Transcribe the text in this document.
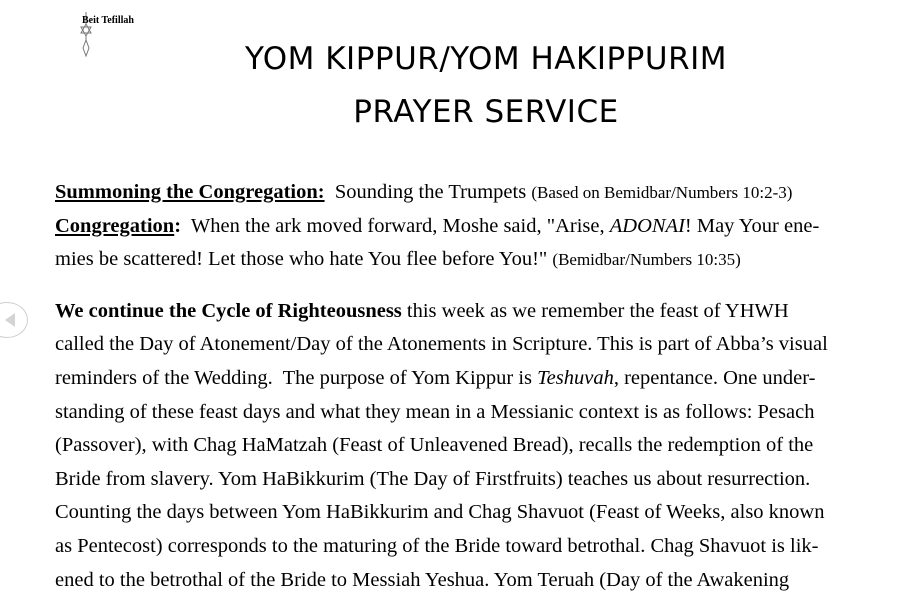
Beit Tefillah
YOM KIPPUR/YOM HAKIPPURIM
PRAYER SERVICE
Summoning the Congregation:  Sounding the Trumpets (Based on Bemidbar/Numbers 10:2-3)
Congregation:  When the ark moved forward, Moshe said, "Arise, ADONAI! May Your ene-
mies be scattered! Let those who hate You flee before You!" (Bemidbar/Numbers 10:35)
We continue the Cycle of Righteousness this week as we remember the feast of YHWH
called the Day of Atonement/Day of the Atonements in Scripture. This is part of Abba’s visual
reminders of the Wedding.  The purpose of Yom Kippur is Teshuvah, repentance. One under-
standing of these feast days and what they mean in a Messianic context is as follows: Pesach
(Passover), with Chag HaMatzah (Feast of Unleavened Bread), recalls the redemption of the
Bride from slavery. Yom HaBikkurim (The Day of Firstfruits) teaches us about resurrection.
Counting the days between Yom HaBikkurim and Chag Shavuot (Feast of Weeks, also known
as Pentecost) corresponds to the maturing of the Bride toward betrothal. Chag Shavuot is lik-
ened to the betrothal of the Bride to Messiah Yeshua. Yom Teruah (Day of the Awakening
